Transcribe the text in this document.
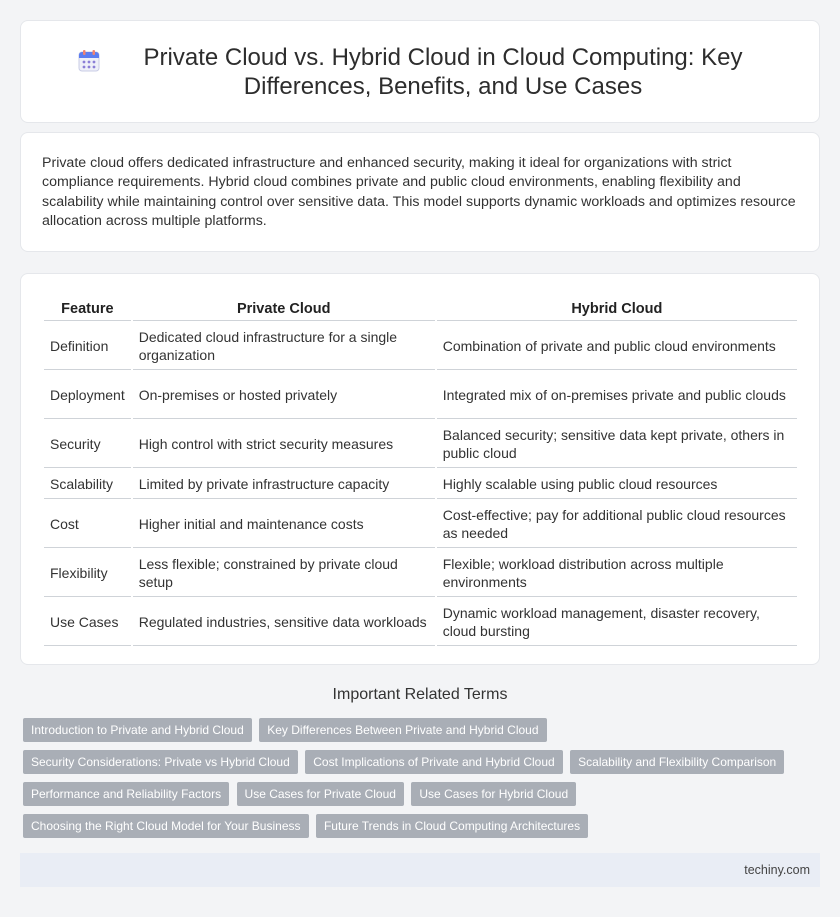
Private Cloud vs. Hybrid Cloud in Cloud Computing: Key Differences, Benefits, and Use Cases

Private cloud offers dedicated infrastructure and enhanced security, making it ideal for organizations with strict compliance requirements. Hybrid cloud combines private and public cloud environments, enabling flexibility and scalability while maintaining control over sensitive data. This model supports dynamic workloads and optimizes resource allocation across multiple platforms.

Feature	Private Cloud	Hybrid Cloud
Definition	Dedicated cloud infrastructure for a single organization	Combination of private and public cloud environments
Deployment	On-premises or hosted privately	Integrated mix of on-premises private and public clouds
Security	High control with strict security measures	Balanced security; sensitive data kept private, others in public cloud
Scalability	Limited by private infrastructure capacity	Highly scalable using public cloud resources
Cost	Higher initial and maintenance costs	Cost-effective; pay for additional public cloud resources as needed
Flexibility	Less flexible; constrained by private cloud setup	Flexible; workload distribution across multiple environments
Use Cases	Regulated industries, sensitive data workloads	Dynamic workload management, disaster recovery, cloud bursting
Important Related Terms
Introduction to Private and Hybrid Cloud Key Differences Between Private and Hybrid Cloud
Security Considerations: Private vs Hybrid Cloud Cost Implications of Private and Hybrid Cloud Scalability and Flexibility Comparison
Performance and Reliability Factors Use Cases for Private Cloud Use Cases for Hybrid Cloud
Choosing the Right Cloud Model for Your Business Future Trends in Cloud Computing Architectures
techiny.com
